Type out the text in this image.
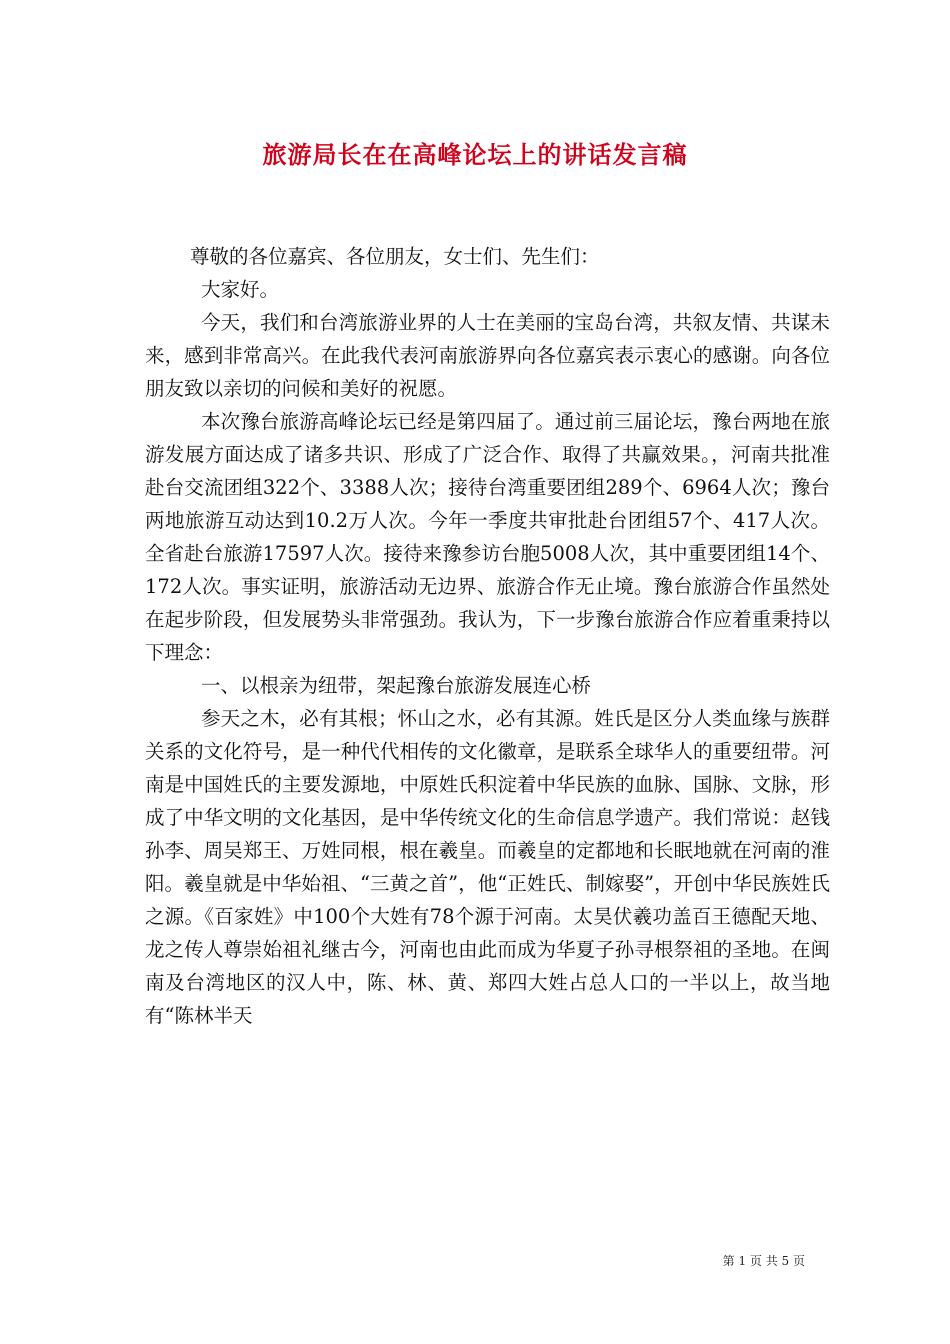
旅游局长在在高峰论坛上的讲话发言稿

尊敬的各位嘉宾、各位朋友，女士们、先生们：

大家好。

今天，我们和台湾旅游业界的人士在美丽的宝岛台湾，共叙友情、共谋未来，感到非常高兴。在此我代表河南旅游界向各位嘉宾表示衷心的感谢。向各位朋友致以亲切的问候和美好的祝愿。

本次豫台旅游高峰论坛已经是第四届了。通过前三届论坛，豫台两地在旅游发展方面达成了诸多共识、形成了广泛合作、取得了共赢效果。，河南共批准赴台交流团组322个、3388人次；接待台湾重要团组289个、6964人次；豫台两地旅游互动达到10.2万人次。今年一季度共审批赴台团组57个、417人次。全省赴台旅游17597人次。接待来豫参访台胞5008人次，其中重要团组14个、172人次。事实证明，旅游活动无边界、旅游合作无止境。豫台旅游合作虽然处在起步阶段，但发展势头非常强劲。我认为，下一步豫台旅游合作应着重秉持以下理念：

一、以根亲为纽带，架起豫台旅游发展连心桥

参天之木，必有其根；怀山之水，必有其源。姓氏是区分人类血缘与族群关系的文化符号，是一种代代相传的文化徽章，是联系全球华人的重要纽带。河南是中国姓氏的主要发源地，中原姓氏积淀着中华民族的血脉、国脉、文脉，形成了中华文明的文化基因，是中华传统文化的生命信息学遗产。我们常说：赵钱孙李、周吴郑王、万姓同根，根在羲皇。而羲皇的定都地和长眠地就在河南的淮阳。羲皇就是中华始祖、“三黄之首”，他“正姓氏、制嫁娶”，开创中华民族姓氏之源。《百家姓》中100个大姓有78个源于河南。太昊伏羲功盖百王德配天地、龙之传人尊崇始祖礼继古今，河南也由此而成为华夏子孙寻根祭祖的圣地。在闽南及台湾地区的汉人中，陈、林、黄、郑四大姓占总人口的一半以上，故当地有“陈林半天

第 1 页 共 5 页
